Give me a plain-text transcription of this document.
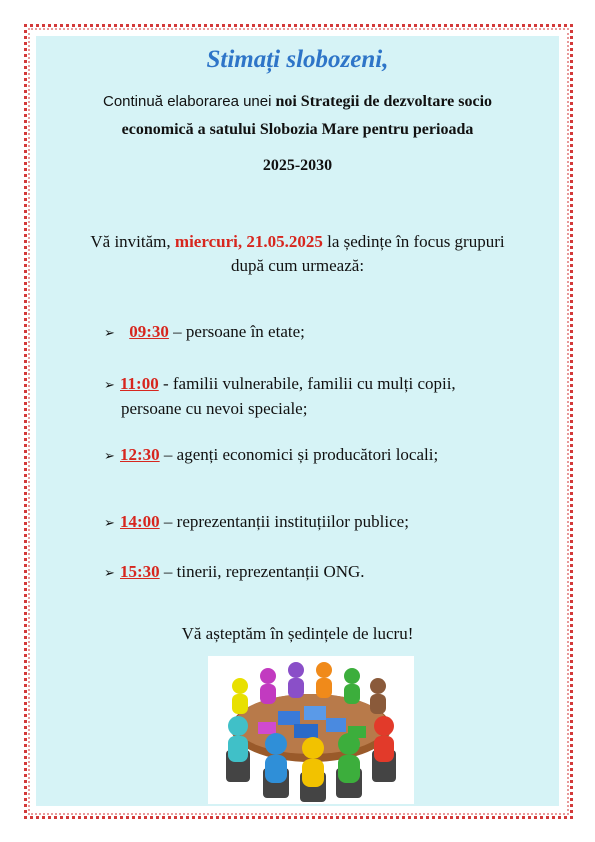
Stimați slobozeni,
Continuă elaborarea unei noi Strategii de dezvoltare socio economică a satului Slobozia Mare pentru perioada
2025-2030
Vă invităm, miercuri, 21.05.2025 la ședințe în focus grupuri după cum urmează:
➢ 09:30 – persoane în etate;
➢ 11:00 - familii vulnerabile, familii cu mulți copii,
persoane cu nevoi speciale;
➢ 12:30 – agenți economici și producători locali;
➢ 14:00 – reprezentanții instituțiilor publice;
➢ 15:30 – tinerii, reprezentanții ONG.
Vă așteptăm în ședințele de lucru!
